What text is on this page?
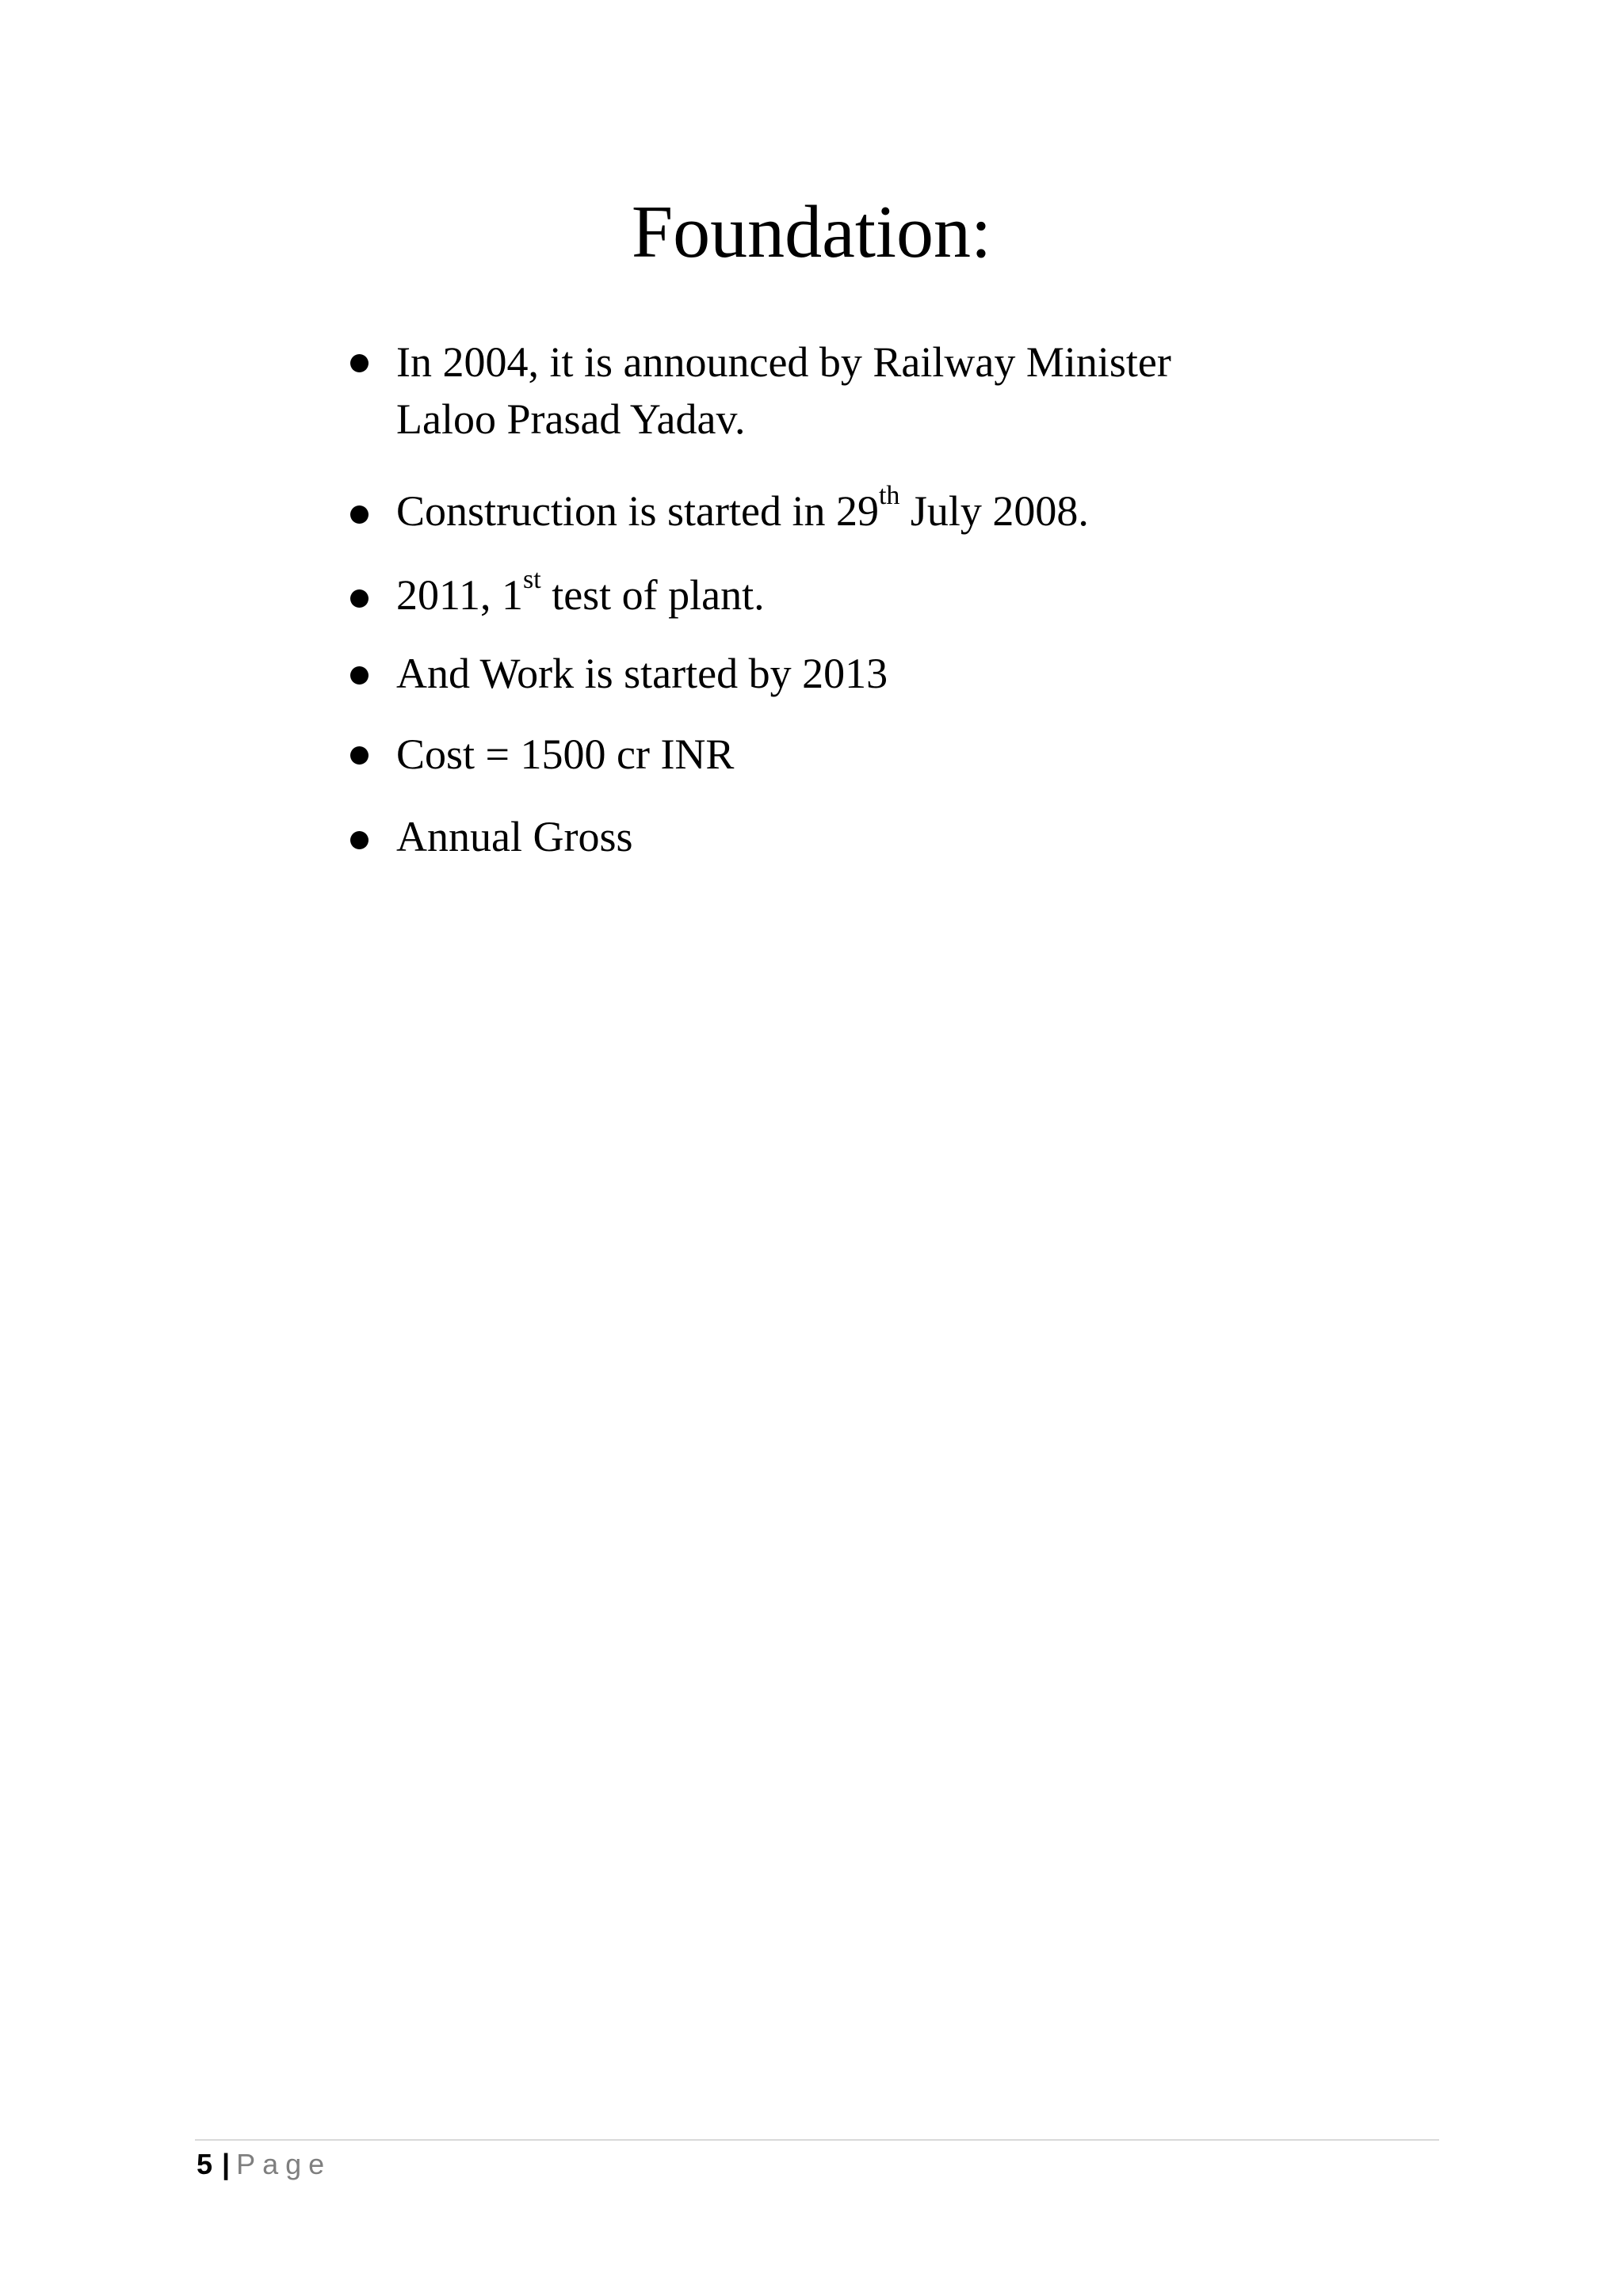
Foundation:
In 2004, it is announced by Railway Minister
Laloo Prasad Yadav.
Construction is started in 29th July 2008.
2011, 1st test of plant.
And Work is started by 2013
Cost = 1500 cr INR
Annual Gross
5 | Page
